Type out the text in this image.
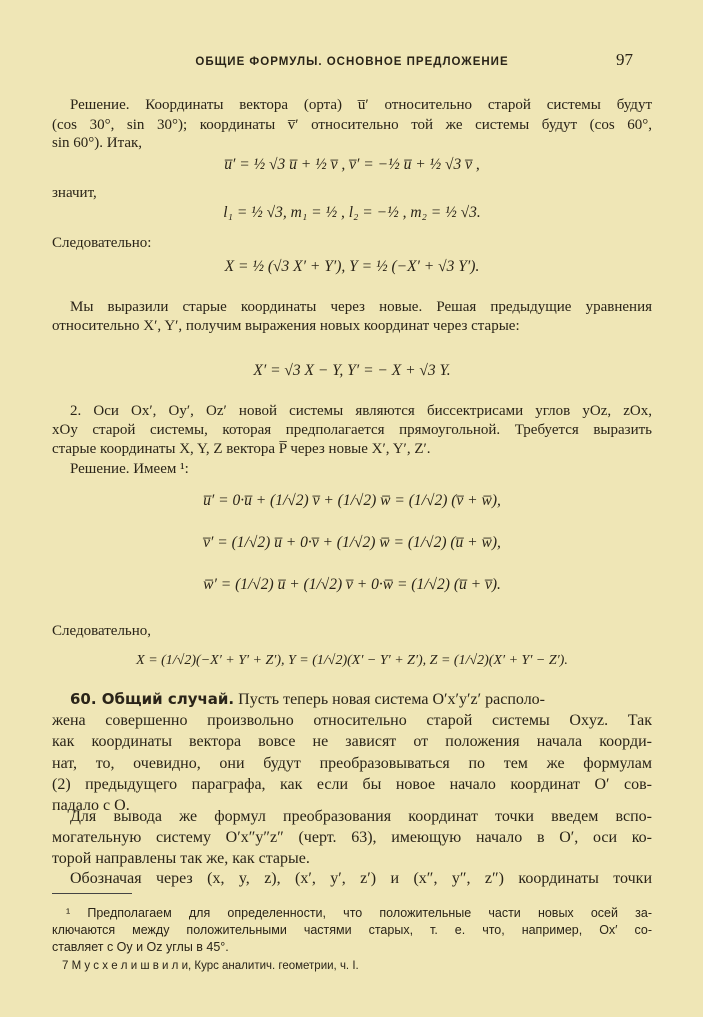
ОБЩИЕ ФОРМУЛЫ. ОСНОВНОЕ ПРЕДЛОЖЕНИЕ	97
Решение. Координаты вектора (орта) u̅′ относительно старой системы будут
(cos 30°, sin 30°); координаты v̅′ относительно той же системы будут (cos 60°,
sin 60°). Итак,
u̅′ = ½ √3 u̅ + ½ v̅ , v̅′ = −½ u̅ + ½ √3 v̅ ,
значит,
l₁ = ½ √3, m₁ = ½ , l₂ = −½ , m₂ = ½ √3.
Следовательно:
X = ½ (√3 X′ + Y′), Y = ½ (−X′ + √3 Y′).
Мы выразили старые координаты через новые. Решая предыдущие уравнения
относительно X′, Y′, получим выражения новых координат через старые:
X′ = √3 X − Y, Y′ = − X + √3 Y.
2. Оси Ox′, Oy′, Oz′ новой системы являются биссектрисами углов yOz, zOx,
xOy старой системы, которая предполагается прямоугольной. Требуется выразить
старые координаты X, Y, Z вектора P̅ через новые X′, Y′, Z′.
Решение. Имеем ¹:
u̅′ = 0·u̅ + (1/√2) v̅ + (1/√2) w̅ = (1/√2) (v̅ + w̅),
v̅′ = (1/√2) u̅ + 0·v̅ + (1/√2) w̅ = (1/√2) (u̅ + w̅),
w̅′ = (1/√2) u̅ + (1/√2) v̅ + 0·w̅ = (1/√2) (u̅ + v̅).
Следовательно,
X = (1/√2)(−X′ + Y′ + Z′), Y = (1/√2)(X′ − Y′ + Z′), Z = (1/√2)(X′ + Y′ − Z′).
60. Общий случай. Пусть теперь новая система O′x′y′z′ располо-
жена совершенно произвольно относительно старой системы Oxyz. Так
как координаты вектора вовсе не зависят от положения начала коорди-
нат, то, очевидно, они будут преобразовываться по тем же формулам
(2) предыдущего параграфа, как если бы новое начало координат O′ сов-
падало с O.
Для вывода же формул преобразования координат точки введем вспо-
могательную систему O′x″y″z″ (черт. 63), имеющую начало в O′, оси ко-
торой направлены так же, как старые.
Обозначая через (x, y, z), (x′, y′, z′) и (x″, y″, z″) координаты точки
¹ Предполагаем для определенности, что положительные части новых осей за-
ключаются между положительными частями старых, т. е. что, например, Ox′ со-
ставляет с Oy и Oz углы в 45°.
7 М у с х е л и ш в и л и, Курс аналитич. геометрии, ч. I.
